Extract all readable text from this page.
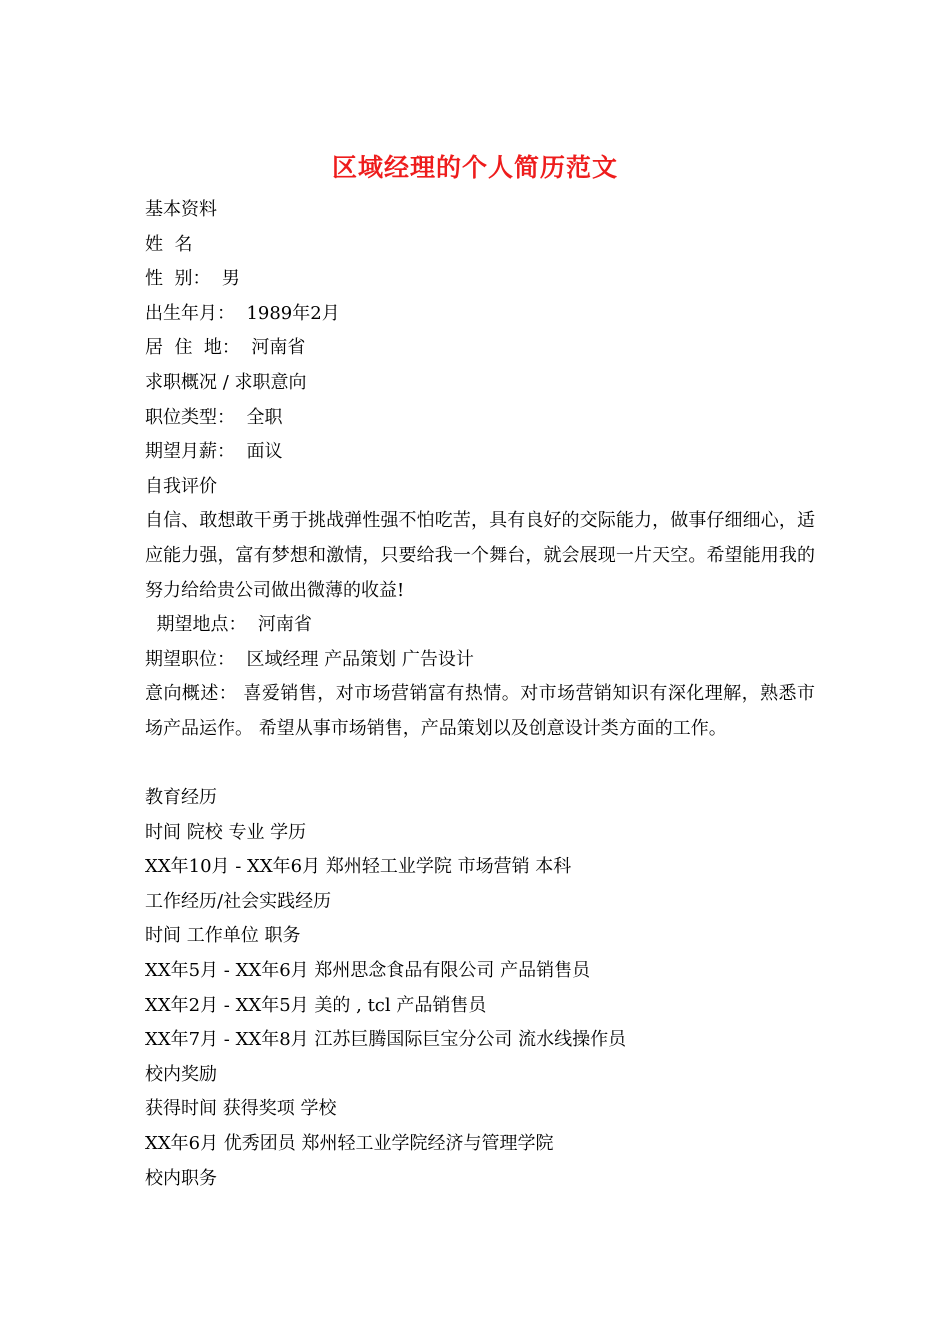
区域经理的个人简历范文
基本资料
姓  名
性  别：  男
出生年月：  1989年2月
居  住  地：  河南省
求职概况 / 求职意向
职位类型：  全职
期望月薪：  面议
自我评价
自信、敢想敢干勇于挑战弹性强不怕吃苦，具有良好的交际能力，做事仔细细心，适应能力强，富有梦想和激情，只要给我一个舞台，就会展现一片天空。希望能用我的努力给给贵公司做出微薄的收益!
期望地点：  河南省
期望职位：  区域经理 产品策划 广告设计
意向概述： 喜爱销售，对市场营销富有热情。对市场营销知识有深化理解，熟悉市场产品运作。 希望从事市场销售，产品策划以及创意设计类方面的工作。
教育经历
时间 院校 专业 学历
XX年10月 - XX年6月 郑州轻工业学院 市场营销 本科
工作经历/社会实践经历
时间 工作单位 职务
XX年5月 - XX年6月 郑州思念食品有限公司 产品销售员
XX年2月 - XX年5月 美的 , tcl 产品销售员
XX年7月 - XX年8月 江苏巨腾国际巨宝分公司 流水线操作员
校内奖励
获得时间 获得奖项 学校
XX年6月 优秀团员 郑州轻工业学院经济与管理学院
校内职务
